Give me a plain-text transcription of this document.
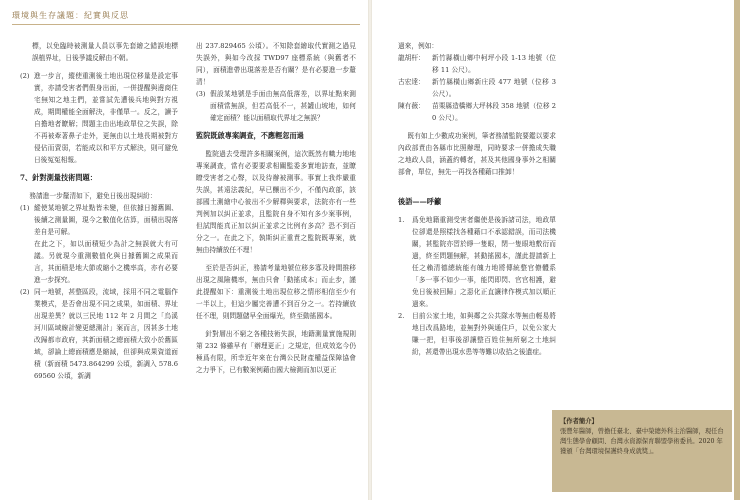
環境與生存議題：紀實與反思

標，以免臨時被測量人員以事先套繪之錯誤地標誤植界址，日後爭議反解由不朝。

(2) 進一步言，縱使重測後土地出現位移量是設定事實，亦請受害者們假身出面，一併提醒與邊商住宅無知之地主們，並嘗試先遭後兵地與對方視成，期間權能全面解決，非僅單一。反之，讀予自擔地者瞭解；問題主由出地政單位之失誤，除不再被牽著鼻子走外，更無由以土地長期被對方侵佔而賣弱，若能成以和平方式解決，則可避免日後冤冤相報。
7、針對測量技術問題：

務請進一步釐清如下，避免日後出現糾紛：

(1) 縱使某地號之界址點皆未變，但依據日據舊圖、後續之測量圖，現今之數值化估算，面積出現落差自是可解。

在此之下，如以面積短少為計之無誤就大有可議。另就現今重測數值化與日據舊圖之成果而言，其面積是地大節或縮小之機率高，亦有必要進一步探究。

(2) 同一地號，甚整區段，流域，採用不同之電腦作業模式，是否會出現不同之成果，如面積、界址出現差異？就以三民地 112 年 2 月間之「烏溪河川區域線計變更總測計」案而言，因甚多土地改歸都市政府，其新面積之總面積大致小於舊區域，卻論上總面積應是縮減，但卻與成果資道面積（新面積 5473.864299 公頃，新調入 578.669560 公頃，新調

出 237.829465 公頃）。不知除套繪取代實測之過見失誤外，與如今改採 TWD97 座標系統（與舊者不同），面積進帶出現落差是否有關？是有必要進一步釐清！

(3) 假設某地號是手面由無高低落差，以界址點來測面積當無誤，但若高低不一，甚罐山坡地，如何確定面積？能以面積取代界址之無誤？
監院既啟專案調查，不應輕忽而過

監院過去受理許多相關案例，這次既然有幟力地地專案調查，當有必要要求相關監委多實地訪查，並瞭瞭受害者之心聲，以及待辦被測事。事實上我炸嚴重失誤，甚遠法義紀，早已釀出不少，不僅內政部，該部國土測繪中心彼出不少解釋與要求，法院亦有一些判例加以糾正並求，且監院自身不知有多少案事例，但試問能真正加以糾正並求之比例有多高？恐不到百分之一。在此之下，執斯糾正重責之監院既專案，就無由持續放任不理！

至於是否糾正，務請考量地號位移多寡及時間推移出現之風險機率，無由只會「動搖成本」而止步，謹此提醒如下：重測後土地出現位移之情形相信至少有一半以上，但這少屬完善遭不到百分之一。若持續放任不理，則問題儲早全面爆光，終至動搖國本。

針對層出不窮之各種技術失誤，地籍測量實施規則第 232 條雖早有「辦理更正」之規定，但成效迄今仍極爲有限，所幸近年來在台灣公民財產權益保障協會之力爭下，已有數案例藉由國大檢測而加以更正

過來，例如：

龍胡杆： 新竹縣橫山鄉中柯坪小段 1-13 地號（位移 11 公尺）。
古宏達： 新竹縣橫山鄉新庄段 477 地號（位移 3 公尺）。
陳有薇： 苗栗縣造橋鄉大坪林段 358 地號（位移 20 公尺）。

既有如上少數成功案例，筆者務請監院要鑑以要求內政部責由各縣市比照辦理，同時要求一併擔成失職之地政人員，涵蓋約轉者，甚及其他國身事外之相關部會，單位，無先一再找各種藉口推卸！

後語——呼籲
1. 爲免地籍重測受害者繼使是後訴諸司法，地政單位卻還是照樣找各種藉口不承認錯誤，而司法機關，甚監院亦習於睜一隻眼，閉一隻眼地敷衍而過，終至問題無解，甚動搖國本，謹此提請新上任之賴清德總統能有魄力地將傳統整官僚體系「多一事不如少一事，能閃即閃、官官相護，避免日後被回歸」之惡化正直讓律作模式加以順正過來。
2. 目前公家土地，如與鄰之公共隊水等無由輕易將地目改爲路地，並無對外與通住戶，以免公家大賺一把，但事後卻讓整百姓住無所窮之土地糾紛，甚還帶出現水患等等難以收拾之後遺症。
【作者簡介】
張豐年醫師，曾擔任臺北、臺中榮總外科主治醫師，現任台灣生態學會顧問、台灣水資源保育聯盟學術委員。2020 年獲頒「台灣環境保護終身成就獎」。
